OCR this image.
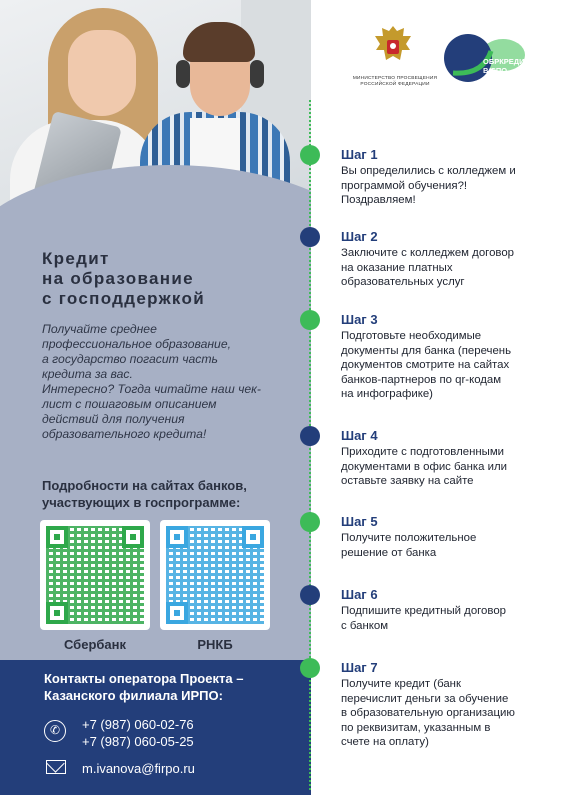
Кредит
на образование
с господдержкой

Получайте среднее
профессиональное образование,
а государство погасит часть
кредита за вас.
Интересно? Тогда читайте наш чек-
лист с пошаговым описанием
действий для получения
образовательного кредита!

Подробности на сайтах банков,
участвующих в госпрограмме:
Сбербанк	РНКБ
Контакты оператора Проекта –
Казанского филиала ИРПО:
✆	+7 (987) 060-02-76
+7 (987) 060-05-25
m.ivanova@firpo.ru
МИНИСТЕРСТВО ПРОСВЕЩЕНИЯ
РОССИЙСКОЙ ФЕДЕРАЦИИ
ОБРКРЕДИТ
В СПО
Шаг 1
Вы определились с колледжем и
программой обучения?!
Поздравляем!
Шаг 2
Заключите с колледжем договор
на оказание платных
образовательных услуг
Шаг 3
Подготовьте необходимые
документы для банка (перечень
документов смотрите на сайтах
банков-партнеров по qr-кодам
на инфографике)
Шаг 4
Приходите с подготовленными
документами в офис банка или
оставьте заявку на сайте
Шаг 5
Получите положительное
решение от банка
Шаг 6
Подпишите кредитный договор
с банком
Шаг 7
Получите кредит (банк
перечислит деньги за обучение
в образовательную организацию
по реквизитам, указанным в
счете на оплату)
